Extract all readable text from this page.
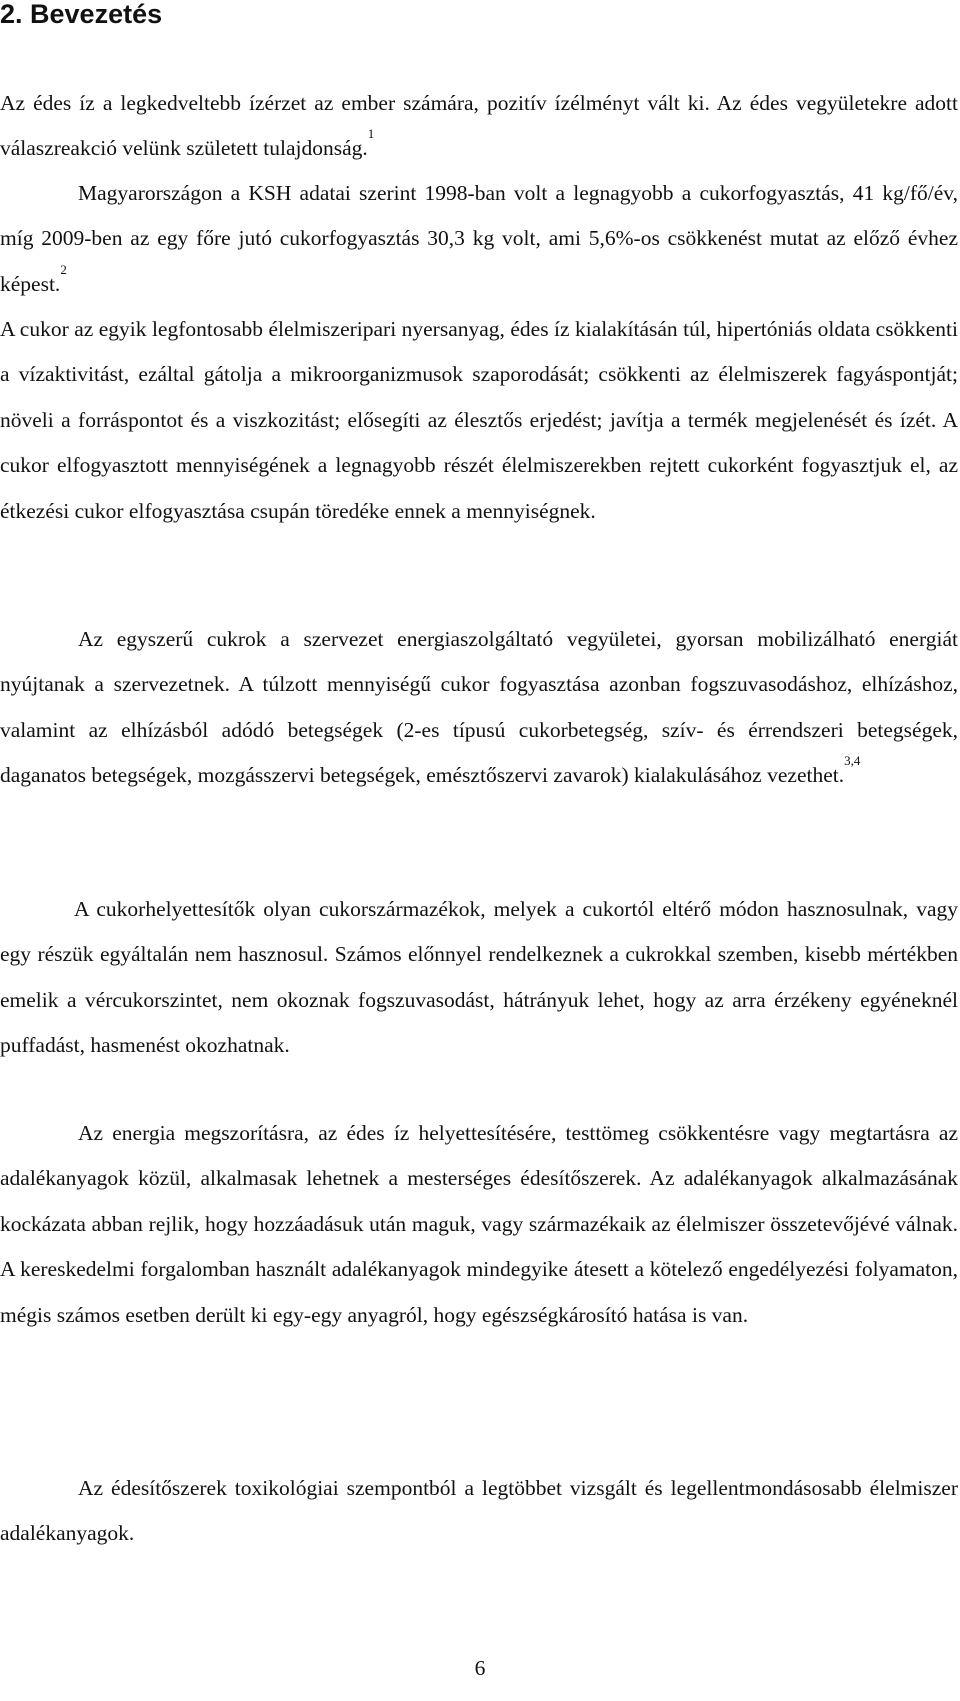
2. Bevezetés

Az édes íz a legkedveltebb ízérzet az ember számára, pozitív ízélményt vált ki. Az édes vegyületekre adott válaszreakció velünk született tulajdonság.$^1$

Magyarországon a KSH adatai szerint 1998-ban volt a legnagyobb a cukorfogyasztás, 41 kg/fő/év, míg 2009-ben az egy főre jutó cukorfogyasztás 30,3 kg volt, ami 5,6%-os csökkenést mutat az előző évhez képest.$^2$

A cukor az egyik legfontosabb élelmiszeripari nyersanyag, édes íz kialakításán túl, hipertóniás oldata csökkenti a vízaktivitást, ezáltal gátolja a mikroorganizmusok szaporodását; csökkenti az élelmiszerek fagyáspontját; növeli a forráspontot és a viszkozitást; elősegíti az élesztős erjedést; javítja a termék megjelenését és ízét. A cukor elfogyasztott mennyiségének a legnagyobb részét élelmiszerekben rejtett cukorként fogyasztjuk el, az étkezési cukor elfogyasztása csupán töredéke ennek a mennyiségnek.

Az egyszerű cukrok a szervezet energiaszolgáltató vegyületei, gyorsan mobilizálható energiát nyújtanak a szervezetnek. A túlzott mennyiségű cukor fogyasztása azonban fogszuvasodáshoz, elhízáshoz, valamint az elhízásból adódó betegségek (2-es típusú cukorbetegség, szív- és érrendszeri betegségek, daganatos betegségek, mozgásszervi betegségek, emésztőszervi zavarok) kialakulásához vezethet.$^{3,4}$

A cukorhelyettesítők olyan cukorszármazékok, melyek a cukortól eltérő módon hasznosulnak, vagy egy részük egyáltalán nem hasznosul. Számos előnnyel rendelkeznek a cukrokkal szemben, kisebb mértékben emelik a vércukorszintet, nem okoznak fogszuvasodást, hátrányuk lehet, hogy az arra érzékeny egyéneknél puffadást, hasmenést okozhatnak.

Az energia megszorításra, az édes íz helyettesítésére, testtömeg csökkentésre vagy megtartásra az adalékanyagok közül, alkalmasak lehetnek a mesterséges édesítőszerek. Az adalékanyagok alkalmazásának kockázata abban rejlik, hogy hozzáadásuk után maguk, vagy származékaik az élelmiszer összetevőjévé válnak. A kereskedelmi forgalomban használt adalékanyagok mindegyike átesett a kötelező engedélyezési folyamaton, mégis számos esetben derült ki egy-egy anyagról, hogy egészségkárosító hatása is van.

Az édesítőszerek toxikológiai szempontból a legtöbbet vizsgált és legellentmondásosabb élelmiszer adalékanyagok.

6
